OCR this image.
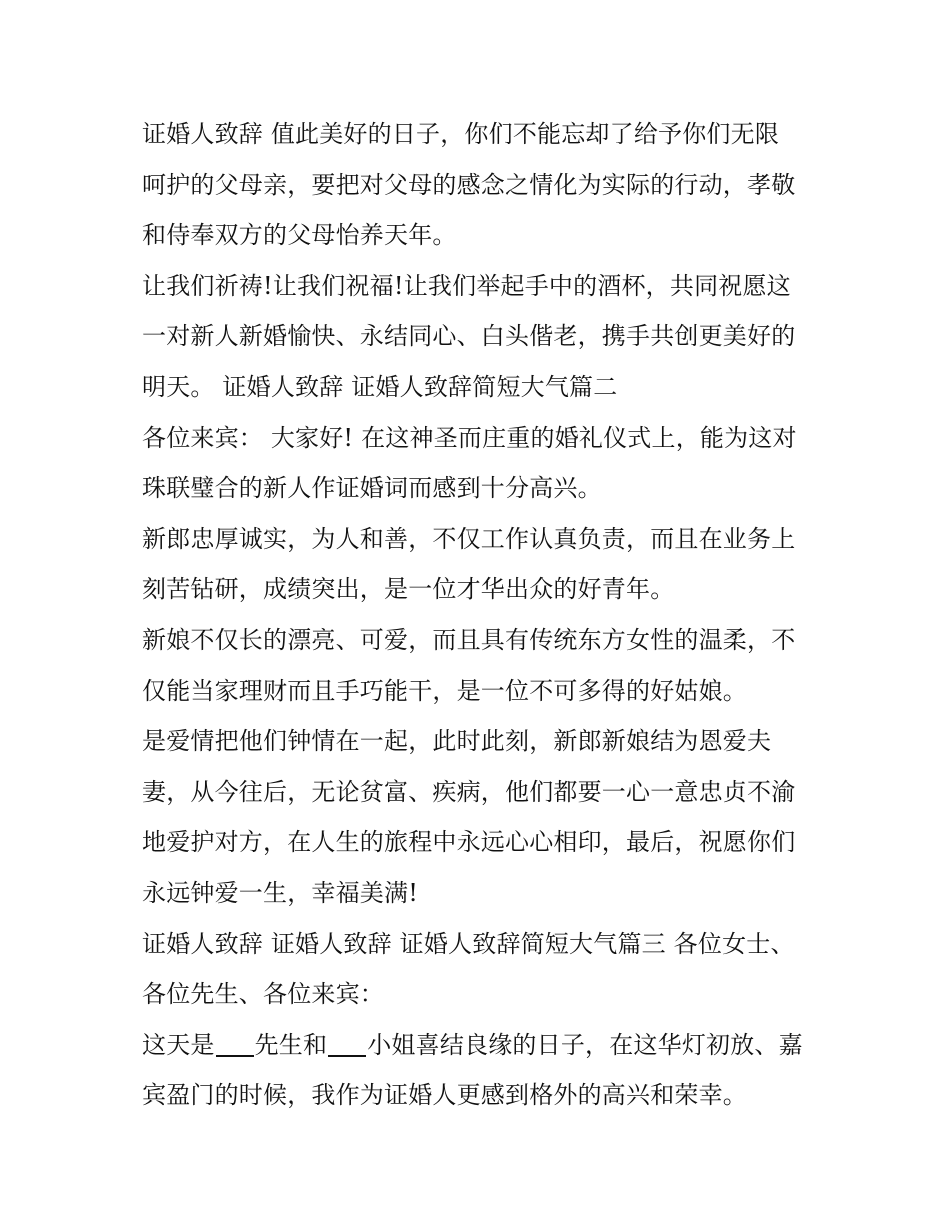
证婚人致辞 值此美好的日子，你们不能忘却了给予你们无限
呵护的父母亲，要把对父母的感念之情化为实际的行动，孝敬
和侍奉双方的父母怡养天年。

让我们祈祷!让我们祝福!让我们举起手中的酒杯，共同祝愿这
一对新人新婚愉快、永结同心、白头偕老，携手共创更美好的
明天。 证婚人致辞 证婚人致辞简短大气篇二

各位来宾： 大家好! 在这神圣而庄重的婚礼仪式上，能为这对
珠联璧合的新人作证婚词而感到十分高兴。

新郎忠厚诚实，为人和善，不仅工作认真负责，而且在业务上
刻苦钻研，成绩突出，是一位才华出众的好青年。

新娘不仅长的漂亮、可爱，而且具有传统东方女性的温柔，不
仅能当家理财而且手巧能干，是一位不可多得的好姑娘。

是爱情把他们钟情在一起，此时此刻，新郎新娘结为恩爱夫
妻，从今往后，无论贫富、疾病，他们都要一心一意忠贞不渝
地爱护对方，在人生的旅程中永远心心相印，最后，祝愿你们
永远钟爱一生，幸福美满!

证婚人致辞 证婚人致辞 证婚人致辞简短大气篇三 各位女士、
各位先生、各位来宾：

这天是 先生和 小姐喜结良缘的日子，在这华灯初放、嘉
宾盈门的时候，我作为证婚人更感到格外的高兴和荣幸。
